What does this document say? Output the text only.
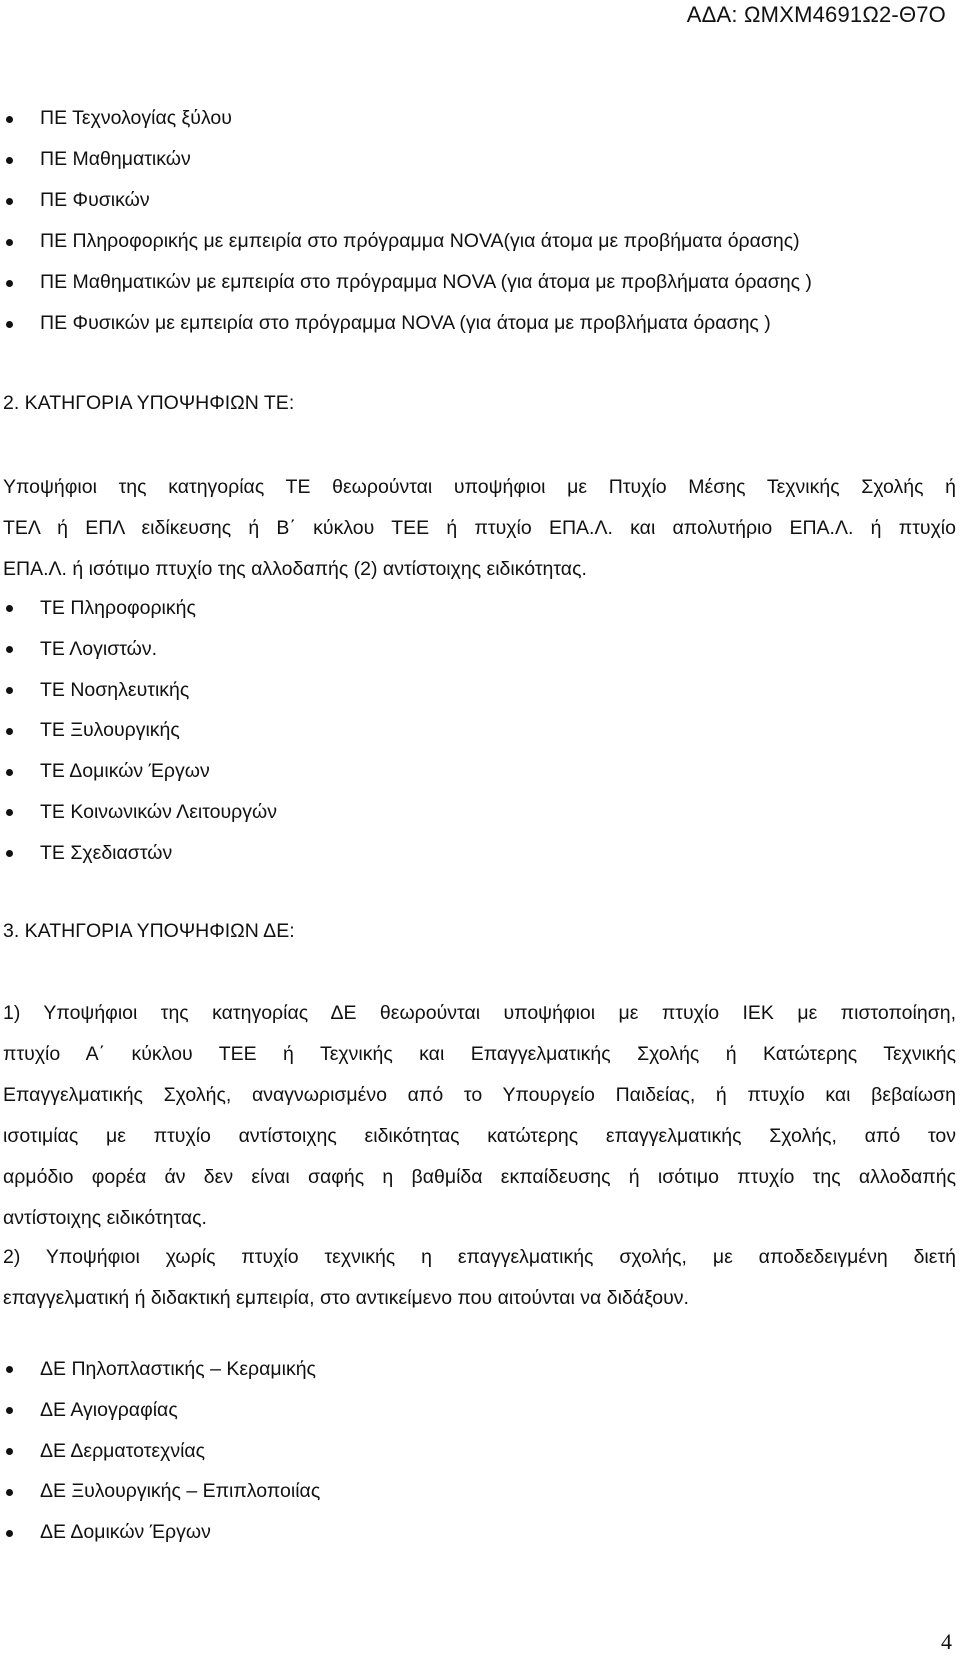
ΑΔΑ: ΩΜΧΜ4691Ω2-Θ7Ο
ΠΕ Τεχνολογίας ξύλου
ΠΕ Μαθηματικών
ΠΕ Φυσικών
ΠΕ Πληροφορικής με εμπειρία στο πρόγραμμα NOVA(για άτομα με προβήματα όρασης)
ΠΕ Μαθηματικών με εμπειρία στο πρόγραμμα NOVA (για άτομα με προβλήματα όρασης )
ΠΕ Φυσικών με εμπειρία στο πρόγραμμα NOVA (για άτομα με προβλήματα όρασης )
2. ΚΑΤΗΓΟΡΙΑ ΥΠΟΨΗΦΙΩΝ ΤΕ:
Υποψήφιοι της κατηγορίας ΤΕ θεωρούνται υποψήφιοι με Πτυχίο Μέσης Τεχνικής Σχολής ή
ΤΕΛ ή ΕΠΛ ειδίκευσης ή Β΄ κύκλου ΤΕΕ ή πτυχίο ΕΠΑ.Λ. και απολυτήριο ΕΠΑ.Λ. ή πτυχίο
ΕΠΑ.Λ. ή ισότιμο πτυχίο της αλλοδαπής (2) αντίστοιχης ειδικότητας.
ΤΕ Πληροφορικής
ΤΕ Λογιστών.
ΤΕ Νοσηλευτικής
ΤΕ Ξυλουργικής
ΤΕ Δομικών Έργων
ΤΕ Κοινωνικών Λειτουργών
ΤΕ Σχεδιαστών
3. ΚΑΤΗΓΟΡΙΑ ΥΠΟΨΗΦΙΩΝ ΔΕ:
1) Υποψήφιοι της κατηγορίας ΔΕ θεωρούνται υποψήφιοι με πτυχίο ΙΕΚ με πιστοποίηση,
πτυχίο Α΄ κύκλου ΤΕΕ ή Τεχνικής και Επαγγελματικής Σχολής ή Κατώτερης Τεχνικής
Επαγγελματικής Σχολής, αναγνωρισμένο από το Υπουργείο Παιδείας, ή πτυχίο και βεβαίωση
ισοτιμίας με πτυχίο αντίστοιχης ειδικότητας κατώτερης επαγγελματικής Σχολής, από τον
αρμόδιο φορέα άν δεν είναι σαφής η βαθμίδα εκπαίδευσης ή ισότιμο πτυχίο της αλλοδαπής
αντίστοιχης ειδικότητας.
2) Υποψήφιοι χωρίς πτυχίο τεχνικής η επαγγελματικής σχολής, με αποδεδειγμένη διετή
επαγγελματική ή διδακτική εμπειρία, στο αντικείμενο που αιτούνται να διδάξουν.
ΔΕ Πηλοπλαστικής – Κεραμικής
ΔΕ Αγιογραφίας
ΔΕ Δερματοτεχνίας
ΔΕ Ξυλουργικής – Επιπλοποιίας
ΔΕ Δομικών Έργων
4
